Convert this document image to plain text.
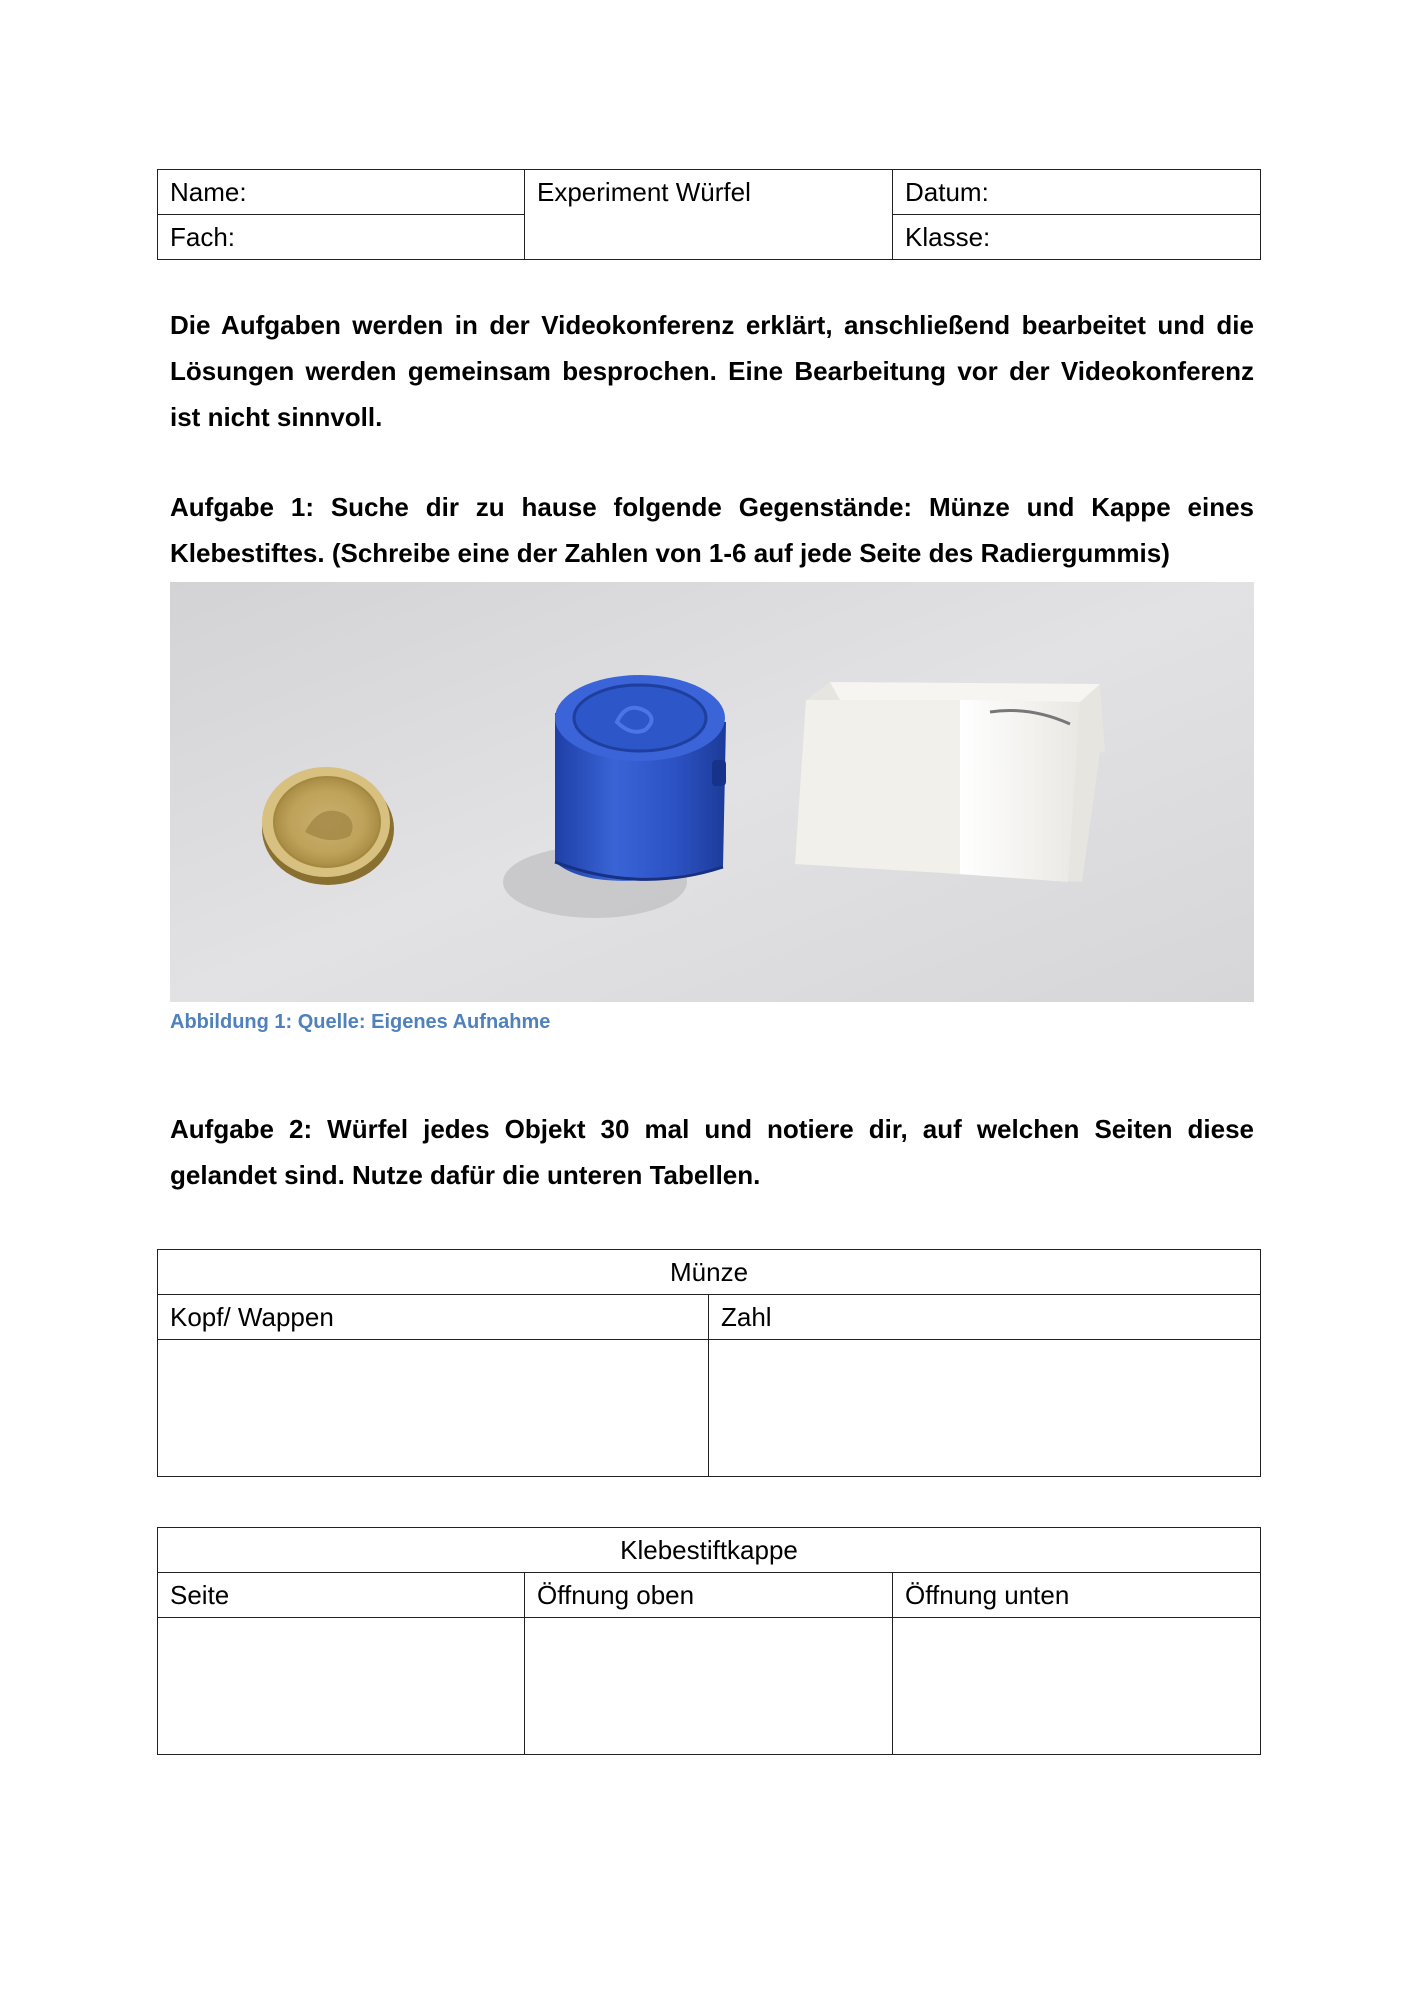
Name:	Experiment Würfel	Datum:
Fach:		Klasse:
Die Aufgaben werden in der Videokonferenz erklärt, anschließend bearbeitet und die Lösungen werden gemeinsam besprochen. Eine Bearbeitung vor der Videokonferenz ist nicht sinnvoll.
Aufgabe 1: Suche dir zu hause folgende Gegenstände: Münze und Kappe eines Klebestiftes. (Schreibe eine der Zahlen von 1-6 auf jede Seite des Radiergummis)
Abbildung 1: Quelle: Eigenes Aufnahme
Aufgabe 2: Würfel jedes Objekt 30 mal und notiere dir, auf welchen Seiten diese gelandet sind. Nutze dafür die unteren Tabellen.
Münze	
Kopf/ Wappen	Zahl

Klebestiftkappe		
Seite	Öffnung oben	Öffnung unten
